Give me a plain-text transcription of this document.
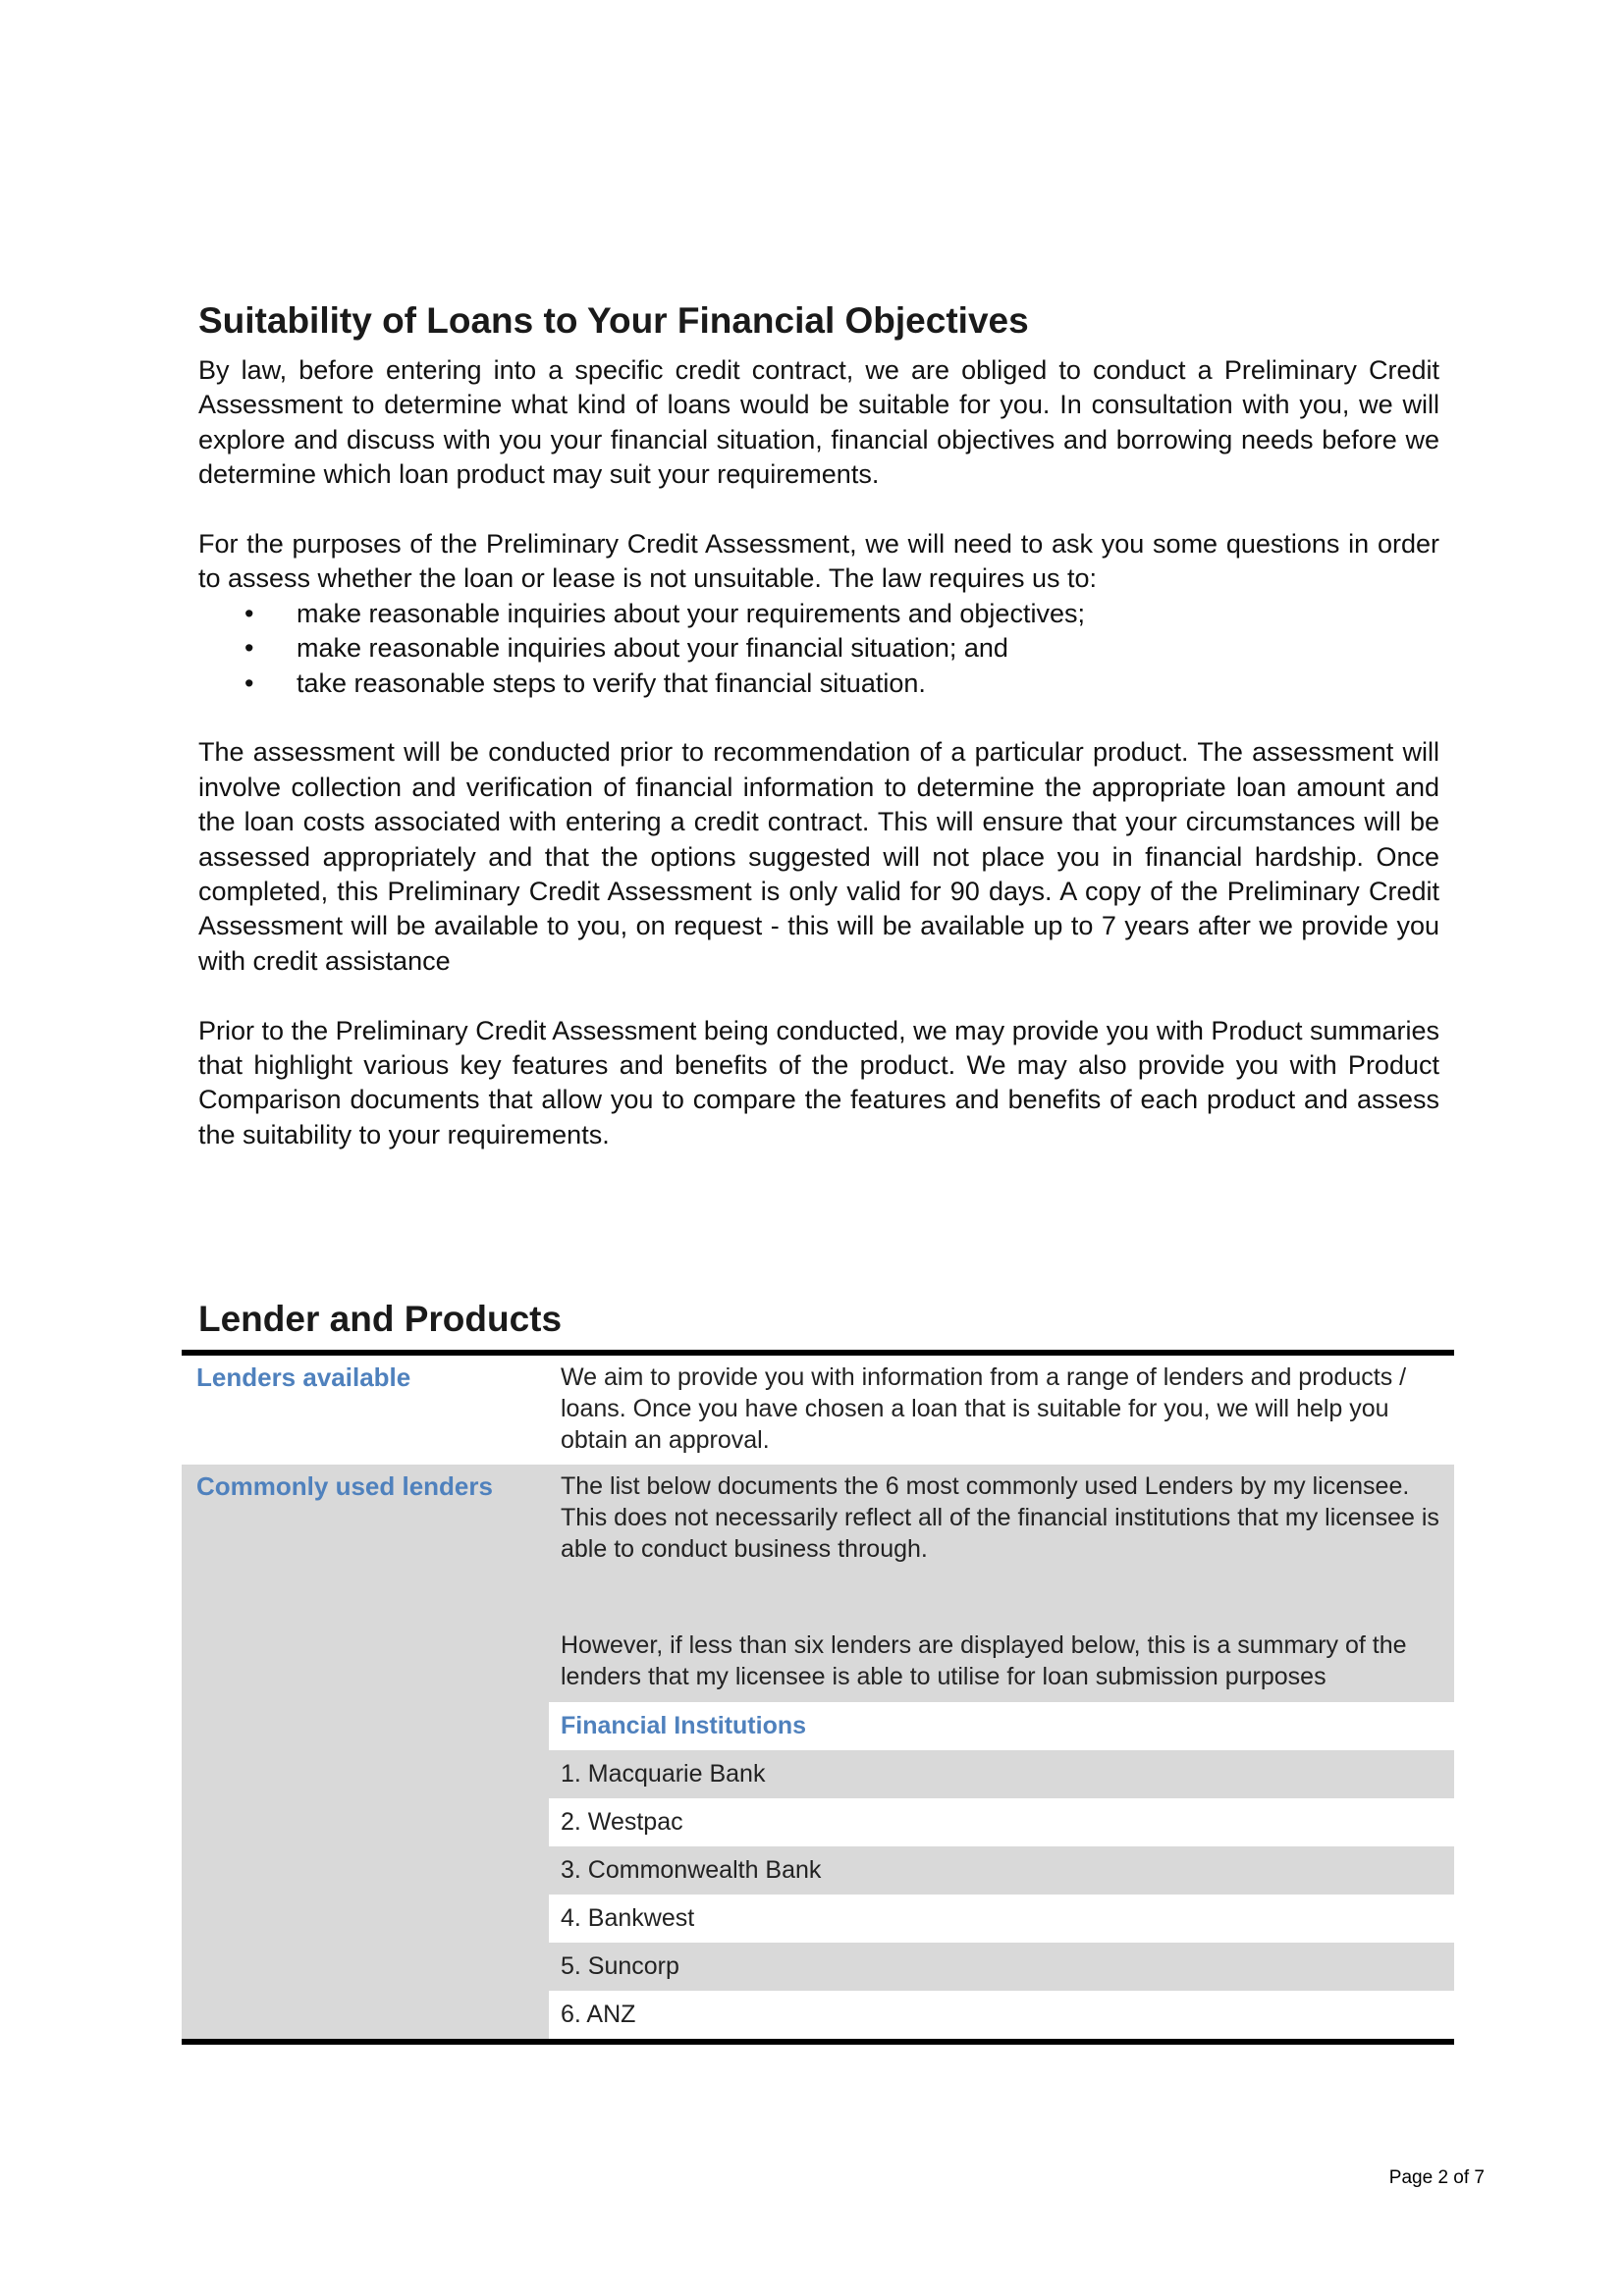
Suitability of Loans to Your Financial Objectives

By law, before entering into a specific credit contract, we are obliged to conduct a Preliminary Credit Assessment to determine what kind of loans would be suitable for you. In consultation with you, we will explore and discuss with you your financial situation, financial objectives and borrowing needs before we determine which loan product may suit your requirements.

For the purposes of the Preliminary Credit Assessment, we will need to ask you some questions in order to assess whether the loan or lease is not unsuitable. The law requires us to:

• make reasonable inquiries about your requirements and objectives;
• make reasonable inquiries about your financial situation; and
• take reasonable steps to verify that financial situation.

The assessment will be conducted prior to recommendation of a particular product. The assessment will involve collection and verification of financial information to determine the appropriate loan amount and the loan costs associated with entering a credit contract. This will ensure that your circumstances will be assessed appropriately and that the options suggested will not place you in financial hardship. Once completed, this Preliminary Credit Assessment is only valid for 90 days. A copy of the Preliminary Credit Assessment will be available to you, on request - this will be available up to 7 years after we provide you with credit assistance

Prior to the Preliminary Credit Assessment being conducted, we may provide you with Product summaries that highlight various key features and benefits of the product. We may also provide you with Product Comparison documents that allow you to compare the features and benefits of each product and assess the suitability to your requirements.

Lender and Products
Lenders available	We aim to provide you with information from a range of lenders and products / loans. Once you have chosen a loan that is suitable for you, we will help you obtain an approval.
Commonly used lenders	The list below documents the 6 most commonly used Lenders by my licensee. This does not necessarily reflect all of the financial institutions that my licensee is able to conduct business through.
However, if less than six lenders are displayed below, this is a summary of the lenders that my licensee is able to utilise for loan submission purposes
Financial Institutions
1. Macquarie Bank
2. Westpac
3. Commonwealth Bank
4. Bankwest
5. Suncorp
6. ANZ
Page 2 of 7
